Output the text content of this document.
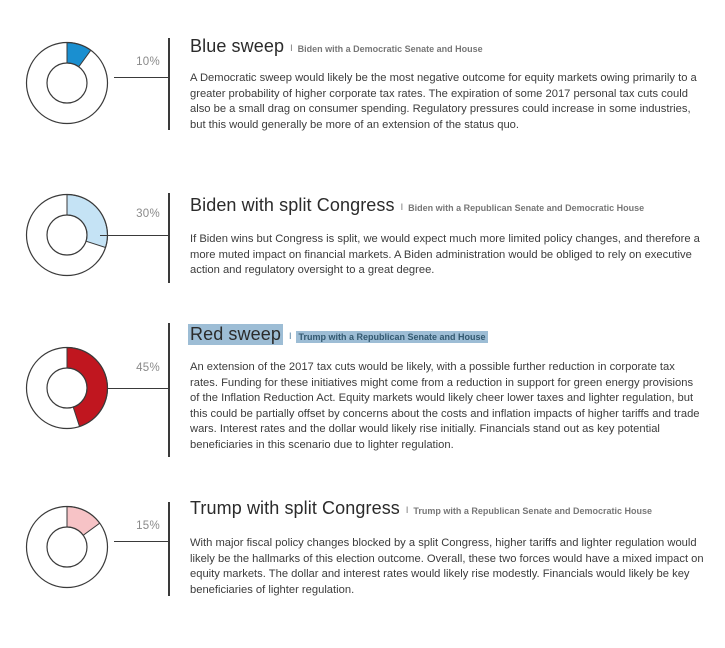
10%
Blue sweep I Biden with a Democratic Senate and House
A Democratic sweep would likely be the most negative outcome for equity markets owing primarily to a greater probability of higher corporate tax rates. The expiration of some 2017 personal tax cuts could also be a small drag on consumer spending. Regulatory pressures could increase in some industries, but this would generally be more of an extension of the status quo.
30% Biden with split Congress I Biden with a Republican Senate and Democratic House
If Biden wins but Congress is split, we would expect much more limited policy changes, and therefore a more muted impact on financial markets. A Biden administration would be obliged to rely on executive action and regulatory oversight to a great degree.
45%
Red sweep I Trump with a Republican Senate and House
An extension of the 2017 tax cuts would be likely, with a possible further reduction in corporate tax rates. Funding for these initiatives might come from a reduction in support for green energy provisions of the Inflation Reduction Act. Equity markets would likely cheer lower taxes and lighter regulation, but this could be partially offset by concerns about the costs and inflation impacts of higher tariffs and trade wars. Interest rates and the dollar would likely rise initially. Financials stand out as key potential beneficiaries in this scenario due to lighter regulation.
15%
Trump with split Congress I Trump with a Republican Senate and Democratic House
With major fiscal policy changes blocked by a split Congress, higher tariffs and lighter regulation would likely be the hallmarks of this election outcome. Overall, these two forces would have a mixed impact on equity markets. The dollar and interest rates would likely rise modestly. Financials would likely be key beneficiaries of lighter regulation.
